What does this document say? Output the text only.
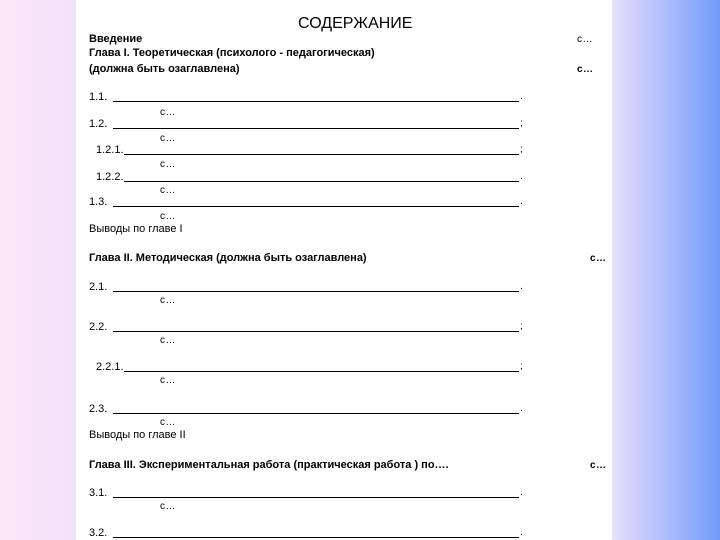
СОДЕРЖАНИЕ
Введение	с…
Глава I. Теоретическая (психолого - педагогическая)
(должна быть озаглавлена)	с…
1.1.	.
с…
1.2.	;
с…
1.2.1.	;
с…
1.2.2.	.
с…
1.3.	.
с…
Выводы по главе I
Глава II. Методическая (должна быть озаглавлена)	с…
2.1.	.
с…
2.2.	;
с…
2.2.1.	;
с…
2.3.	.
с…
Выводы по главе II
Глава III. Экспериментальная работа (практическая работа ) по….	с…
3.1.	.
с…
3.2.	.
